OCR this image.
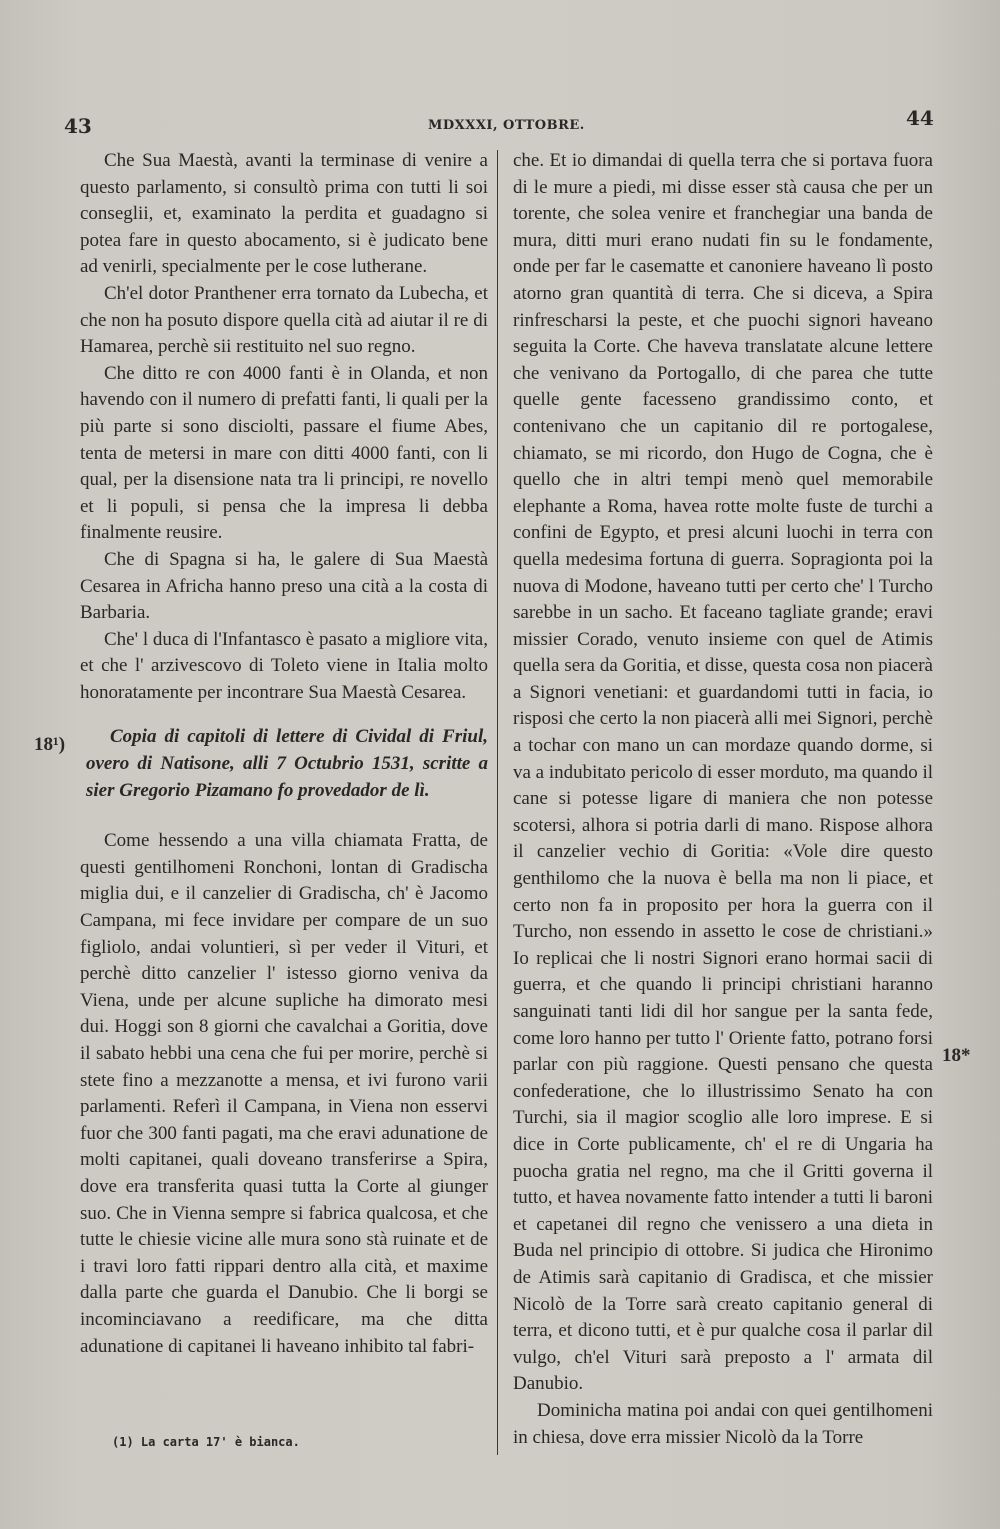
43	MDXXXI, OTTOBRE.	44

Che Sua Maestà, avanti la terminase di venire a questo parlamento, si consultò prima con tutti li soi conseglii, et, examinato la perdita et guadagno si potea fare in questo abocamento, si è judicato bene ad venirli, specialmente per le cose lutherane.

Ch'el dotor Pranthener erra tornato da Lubecha, et che non ha posuto dispore quella cità ad aiutar il re di Hamarea, perchè sii restituito nel suo regno.

Che ditto re con 4000 fanti è in Olanda, et non havendo con il numero di prefatti fanti, li quali per la più parte si sono disciolti, passare el fiume Abes, tenta de metersi in mare con ditti 4000 fanti, con li qual, per la disensione nata tra li principi, re novello et li populi, si pensa che la impresa li debba finalmente reusire.

Che di Spagna si ha, le galere di Sua Maestà Cesarea in Africha hanno preso una cità a la costa di Barbaria.

Che' l duca di l'Infantasco è pasato a migliore vita, et che l' arzivescovo di Toleto viene in Italia molto honoratamente per incontrare Sua Maestà Cesarea.

18¹)	Copia di capitoli di lettere di Cividal di Friul, overo di Natisone, alli 7 Octubrio 1531, scritte a sier Gregorio Pizamano fo provedador de lì.

Come hessendo a una villa chiamata Fratta, de questi gentilhomeni Ronchoni, lontan di Gradischa miglia dui, e il canzelier di Gradischa, ch' è Jacomo Campana, mi fece invidare per compare de un suo figliolo, andai voluntieri, sì per veder il Vituri, et perchè ditto canzelier l' istesso giorno veniva da Viena, unde per alcune supliche ha dimorato mesi dui. Hoggi son 8 giorni che cavalchai a Goritia, dove il sabato hebbi una cena che fui per morire, perchè si stete fino a mezzanotte a mensa, et ivi furono varii parlamenti. Referì il Campana, in Viena non esservi fuor che 300 fanti pagati, ma che eravi adunatione de molti capitanei, quali doveano transferirse a Spira, dove era transferita quasi tutta la Corte al giunger suo. Che in Vienna sempre si fabrica qualcosa, et che tutte le chiesie vicine alle mura sono stà ruinate et de i travi loro fatti rippari dentro alla cità, et maxime dalla parte che guarda el Danubio. Che li borgi se incominciavano a reedificare, ma che ditta adunatione di capitanei li haveano inhibito tal fabri-

che. Et io dimandai di quella terra che si portava fuora di le mure a piedi, mi disse esser stà causa che per un torente, che solea venire et franchegiar una banda de mura, ditti muri erano nudati fin su le fondamente, onde per far le casematte et canoniere haveano lì posto atorno gran quantità di terra. Che si diceva, a Spira rinfrescharsi la peste, et che puochi signori haveano seguita la Corte. Che haveva translatate alcune lettere che venivano da Portogallo, di che parea che tutte quelle gente facesseno grandissimo conto, et contenivano che un capitanio dil re portogalese, chiamato, se mi ricordo, don Hugo de Cogna, che è quello che in altri tempi menò quel memorabile elephante a Roma, havea rotte molte fuste de turchi a confini de Egypto, et presi alcuni luochi in terra con quella medesima fortuna di guerra. Sopragionta poi la nuova di Modone, haveano tutti per certo che' l Turcho sarebbe in un sacho. Et faceano tagliate grande; eravi missier Corado, venuto insieme con quel de Atimis quella sera da Goritia, et disse, questa cosa non piacerà a Signori venetiani: et guardandomi tutti in facia, io risposi che certo la non piacerà alli mei Signori, perchè a tochar con mano un can mordaze quando dorme, si va a indubitato pericolo di esser morduto, ma quando il cane si potesse ligare di maniera che non potesse scotersi, alhora si potria darli di mano. Rispose alhora il canzelier vechio di Goritia: «Vole dire questo genthilomo che la nuova è bella ma non li piace, et certo non fa in proposito per hora la guerra con il Turcho, non essendo in assetto le cose de christiani.» Io replicai che li nostri Signori erano hormai sacii di guerra, et che quando li principi christiani haranno sanguinati tanti lidi dil hor sangue per la santa fede, come loro hanno per tutto l' Oriente fatto, potrano forsi parlar con più raggione. Questi pensano che questa confederatione, che lo illustrissimo Senato ha con Turchi, sia il magior scoglio alle loro imprese. E si dice in Corte publicamente, ch' el re di Ungaria ha puocha gratia nel regno, ma che il Gritti governa il tutto, et havea novamente fatto intender a tutti li baroni et capetanei dil regno che venissero a una dieta in Buda nel principio di ottobre. Si judica che Hironimo de Atimis sarà capitanio di Gradisca, et che missier Nicolò de la Torre sarà creato capitanio general di terra, et dicono tutti, et è pur qualche cosa il parlar dil vulgo, ch'el Vituri sarà preposto a l' armata dil Danubio.

Dominicha matina poi andai con quei gentilhomeni in chiesa, dove erra missier Nicolò da la Torre

18*
(1) La carta 17' è bianca.
